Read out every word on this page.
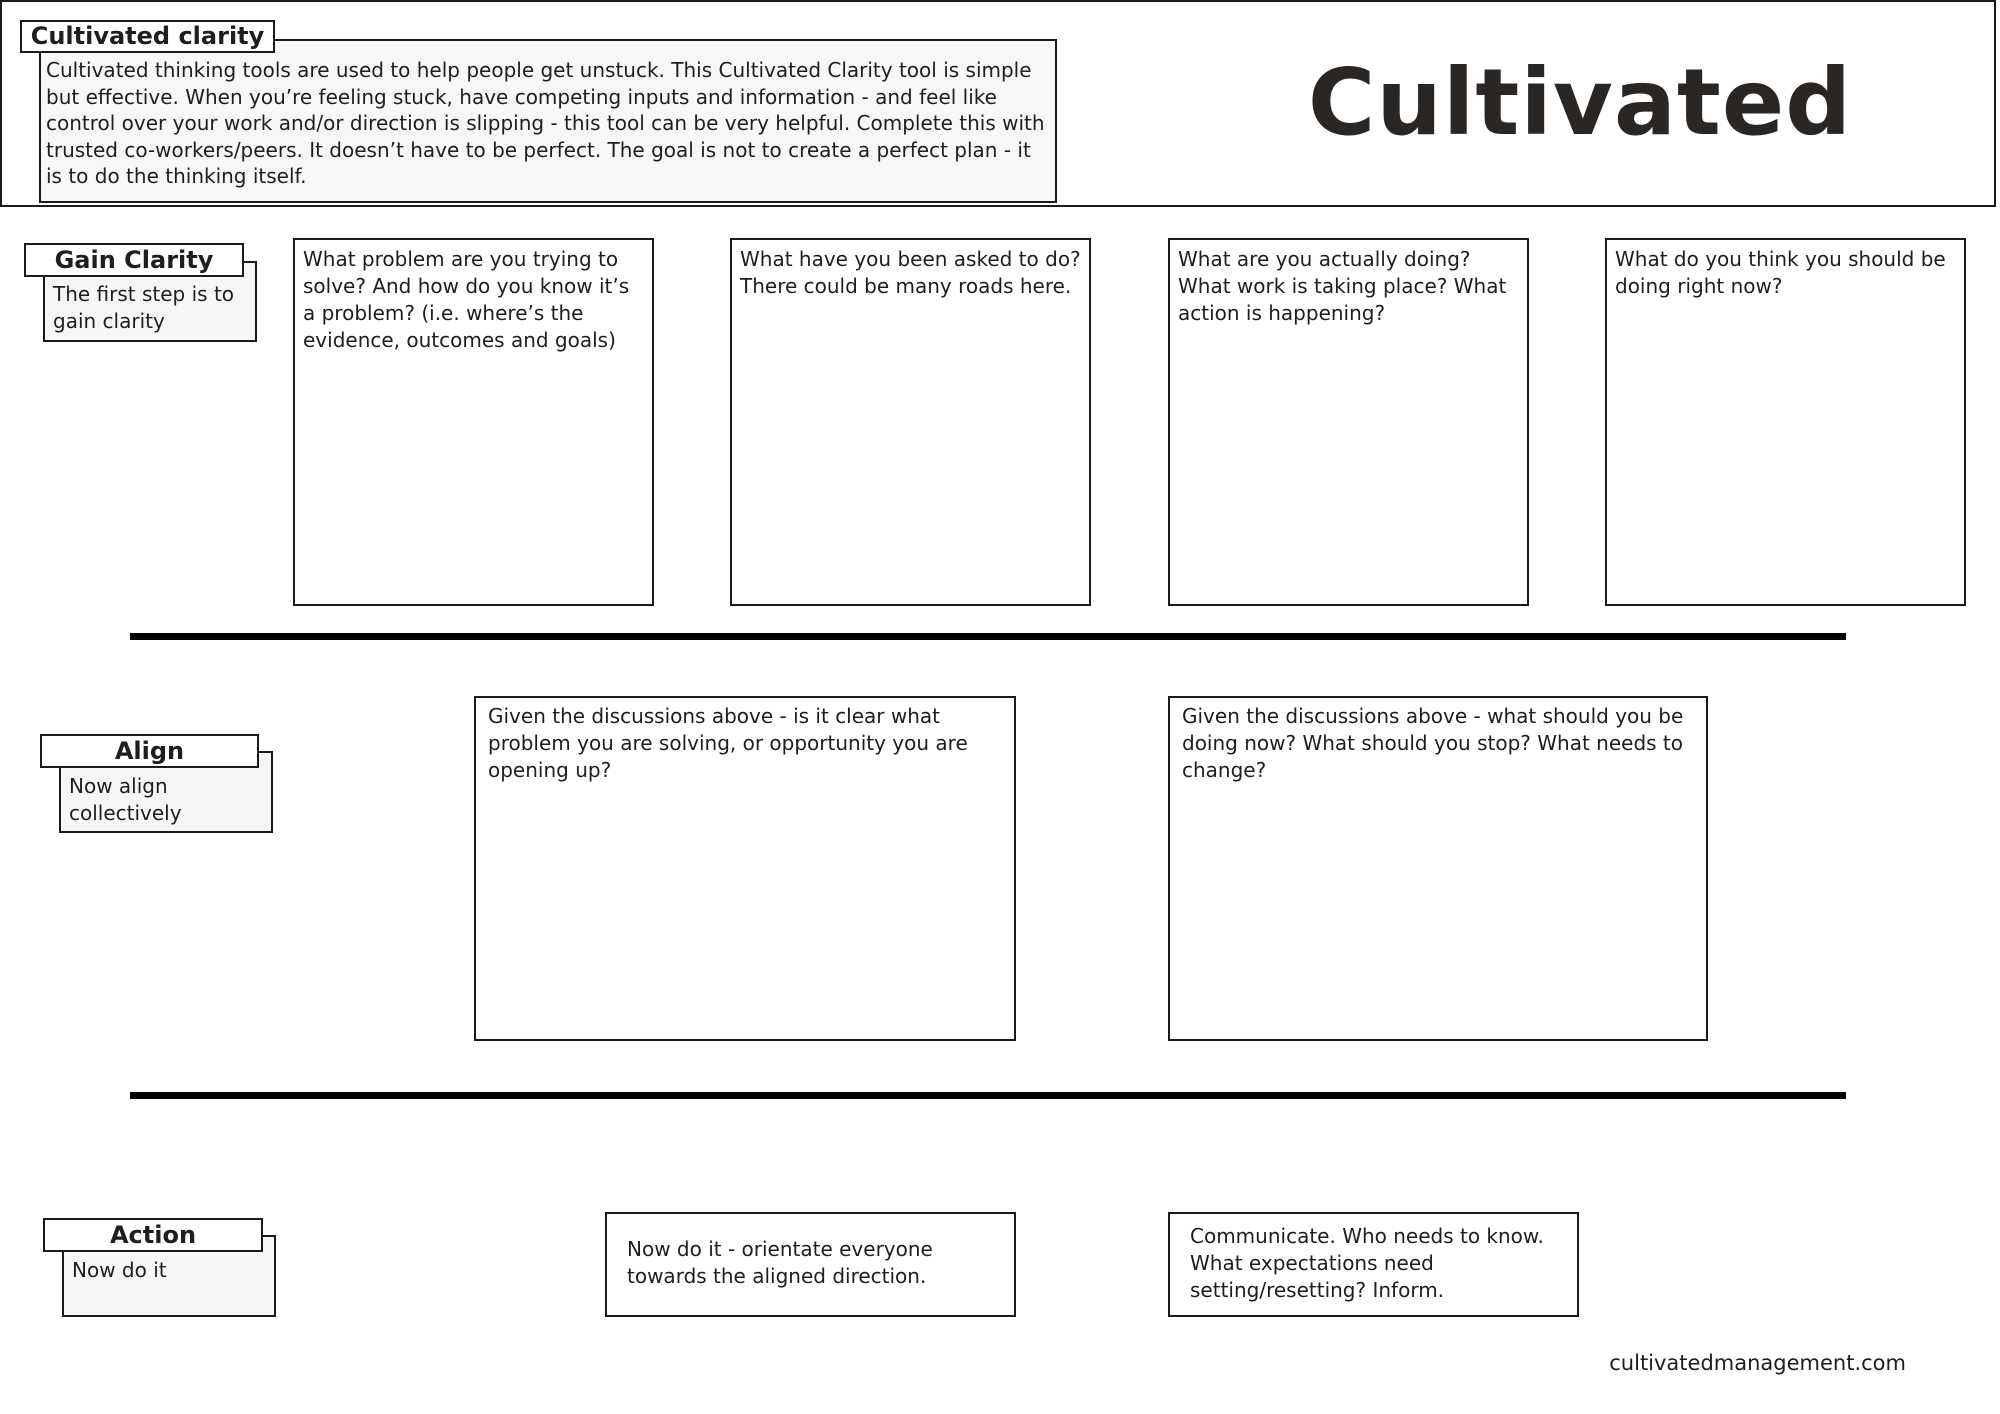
Cultivated thinking tools are used to help people get unstuck. This Cultivated Clarity tool is simple but effective. When you’re feeling stuck, have competing inputs and information - and feel like control over your work and/or direction is slipping - this tool can be very helpful. Complete this with trusted co-workers/peers. It doesn’t have to be perfect. The goal is not to create a perfect plan - it is to do the thinking itself.
Cultivated clarity
Cultivated
The first step is to gain clarity
Gain Clarity	What problem are you trying to solve? And how do you know it’s a problem? (i.e. where’s the evidence, outcomes and goals)
What have you been asked to do? There could be many roads here.
What are you actually doing? What work is taking place? What action is happening?
What do you think you should be doing right now?
Now align collectively
Align
Given the discussions above - is it clear what problem you are solving, or opportunity you are opening up?
Given the discussions above - what should you be doing now? What should you stop? What needs to change?
Now do it
Action	Now do it - orientate everyone towards the aligned direction.
Communicate. Who needs to know. What expectations need setting/resetting? Inform.
cultivatedmanagement.com
